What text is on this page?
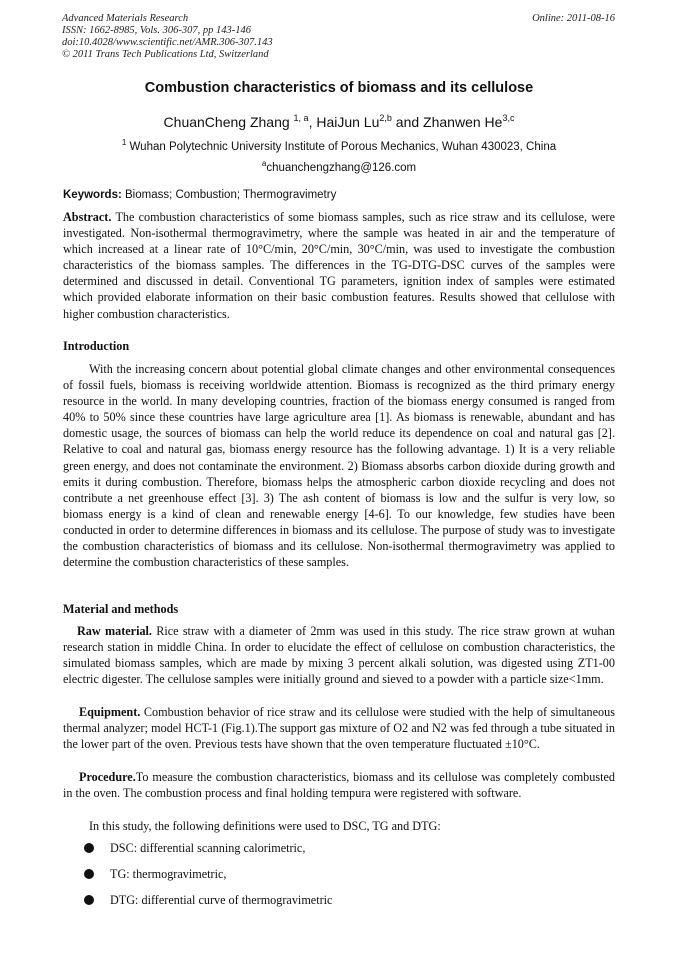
Advanced Materials Research
ISSN: 1662-8985, Vols. 306-307, pp 143-146
doi:10.4028/www.scientific.net/AMR.306-307.143
© 2011 Trans Tech Publications Ltd, Switzerland
Online: 2011-08-16
Combustion characteristics of biomass and its cellulose
ChuanCheng Zhang $^{1, a}$, HaiJun Lu$^{2,b}$ and Zhanwen He$^{3,c}$
$^1$ Wuhan Polytechnic University Institute of Porous Mechanics, Wuhan 430023, China
$^a$chuanchengzhang@126.com
Keywords: Biomass; Combustion; Thermogravimetry
Abstract. The combustion characteristics of some biomass samples, such as rice straw and its cellulose, were investigated. Non-isothermal thermogravimetry, where the sample was heated in air and the temperature of which increased at a linear rate of 10°C/min, 20°C/min, 30°C/min, was used to investigate the combustion characteristics of the biomass samples. The differences in the TG-DTG-DSC curves of the samples were determined and discussed in detail. Conventional TG parameters, ignition index of samples were estimated which provided elaborate information on their basic combustion features. Results showed that cellulose with higher combustion characteristics.
Introduction
With the increasing concern about potential global climate changes and other environmental consequences of fossil fuels, biomass is receiving worldwide attention. Biomass is recognized as the third primary energy resource in the world. In many developing countries, fraction of the biomass energy consumed is ranged from 40% to 50% since these countries have large agriculture area [1]. As biomass is renewable, abundant and has domestic usage, the sources of biomass can help the world reduce its dependence on coal and natural gas [2]. Relative to coal and natural gas, biomass energy resource has the following advantage. 1) It is a very reliable green energy, and does not contaminate the environment. 2) Biomass absorbs carbon dioxide during growth and emits it during combustion. Therefore, biomass helps the atmospheric carbon dioxide recycling and does not contribute a net greenhouse effect [3]. 3) The ash content of biomass is low and the sulfur is very low, so biomass energy is a kind of clean and renewable energy [4-6]. To our knowledge, few studies have been conducted in order to determine differences in biomass and its cellulose. The purpose of study was to investigate the combustion characteristics of biomass and its cellulose. Non-isothermal thermogravimetry was applied to determine the combustion characteristics of these samples.
Material and methods
Raw material. Rice straw with a diameter of 2mm was used in this study. The rice straw grown at wuhan research station in middle China. In order to elucidate the effect of cellulose on combustion characteristics, the simulated biomass samples, which are made by mixing 3 percent alkali solution, was digested using ZT1-00 electric digester. The cellulose samples were initially ground and sieved to a powder with a particle size<1mm.
Equipment. Combustion behavior of rice straw and its cellulose were studied with the help of simultaneous thermal analyzer; model HCT-1 (Fig.1).The support gas mixture of O2 and N2 was fed through a tube situated in the lower part of the oven. Previous tests have shown that the oven temperature fluctuated ±10°C.
Procedure.To measure the combustion characteristics, biomass and its cellulose was completely combusted in the oven. The combustion process and final holding tempura were registered with software.
In this study, the following definitions were used to DSC, TG and DTG:
DSC: differential scanning calorimetric,
TG: thermogravimetric,
DTG: differential curve of thermogravimetric
